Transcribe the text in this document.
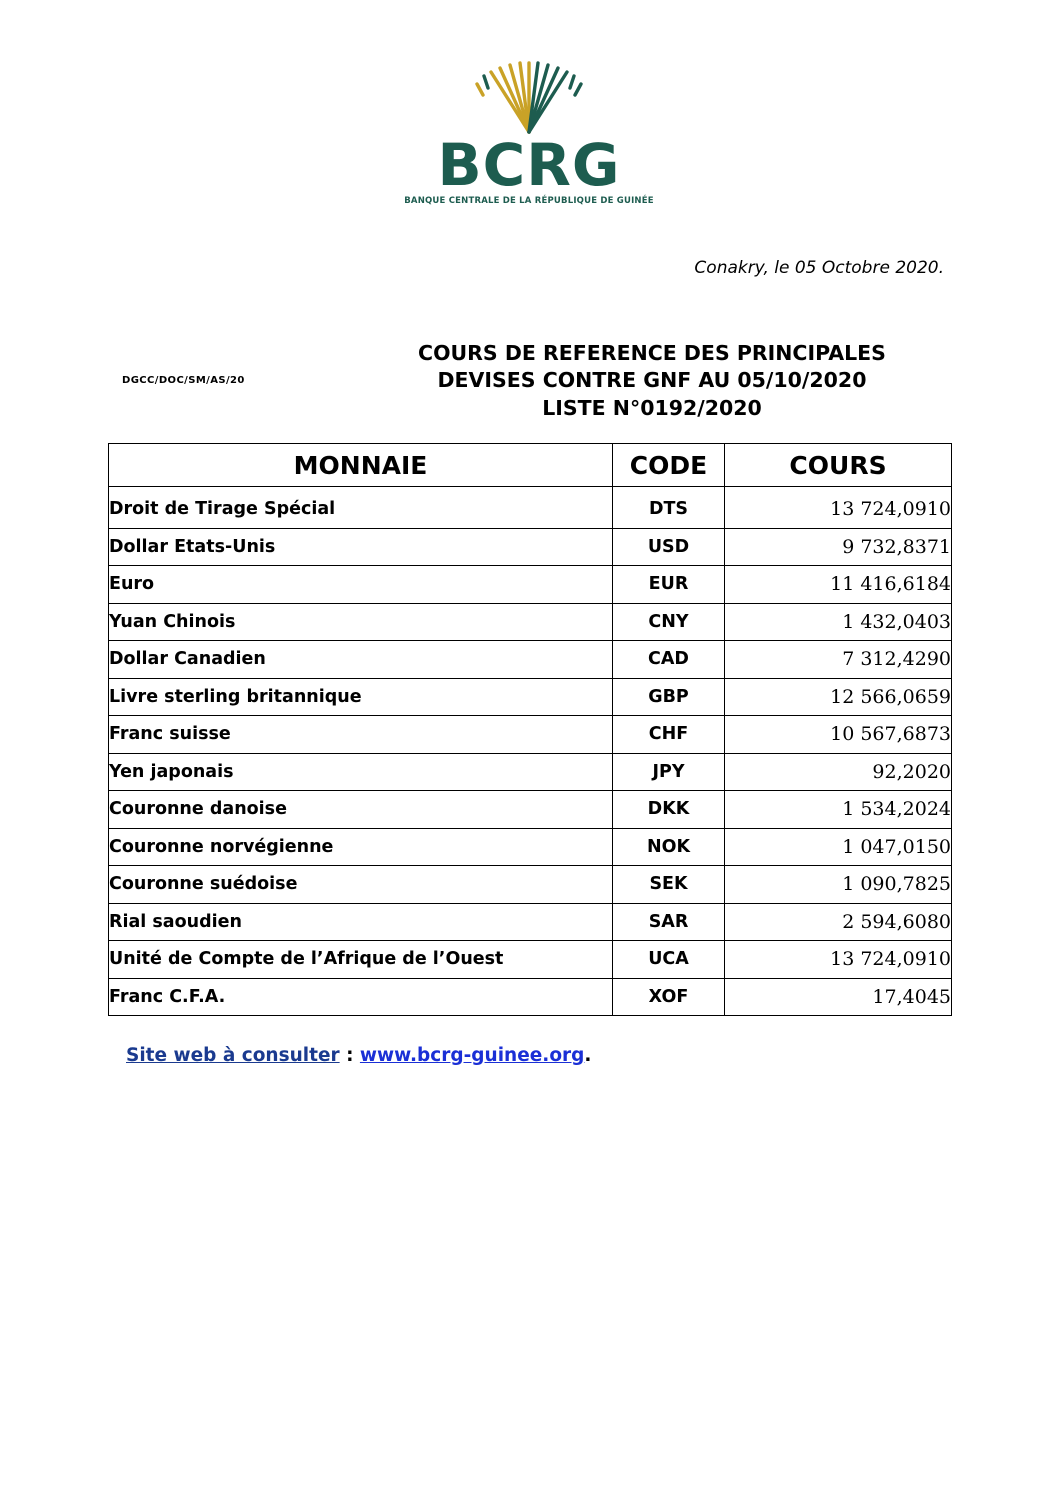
BCRG
BANQUE CENTRALE DE LA RÉPUBLIQUE DE GUINÉE
Conakry, le 05 Octobre 2020.
DGCC/DOC/SM/AS/20
COURS DE REFERENCE DES PRINCIPALES
DEVISES CONTRE GNF AU 05/10/2020
LISTE N°0192/2020
MONNAIE	CODE	COURS
Droit de Tirage Spécial	DTS	13 724,0910
Dollar Etats-Unis	USD	9 732,8371
Euro	EUR	11 416,6184
Yuan Chinois	CNY	1 432,0403
Dollar Canadien	CAD	7 312,4290
Livre sterling britannique	GBP	12 566,0659
Franc suisse	CHF	10 567,6873
Yen japonais	JPY	92,2020
Couronne danoise	DKK	1 534,2024
Couronne norvégienne	NOK	1 047,0150
Couronne suédoise	SEK	1 090,7825
Rial saoudien	SAR	2 594,6080
Unité de Compte de l’Afrique de l’Ouest	UCA	13 724,0910
Franc C.F.A.	XOF	17,4045
Site web à consulter : www.bcrg-guinee.org.
